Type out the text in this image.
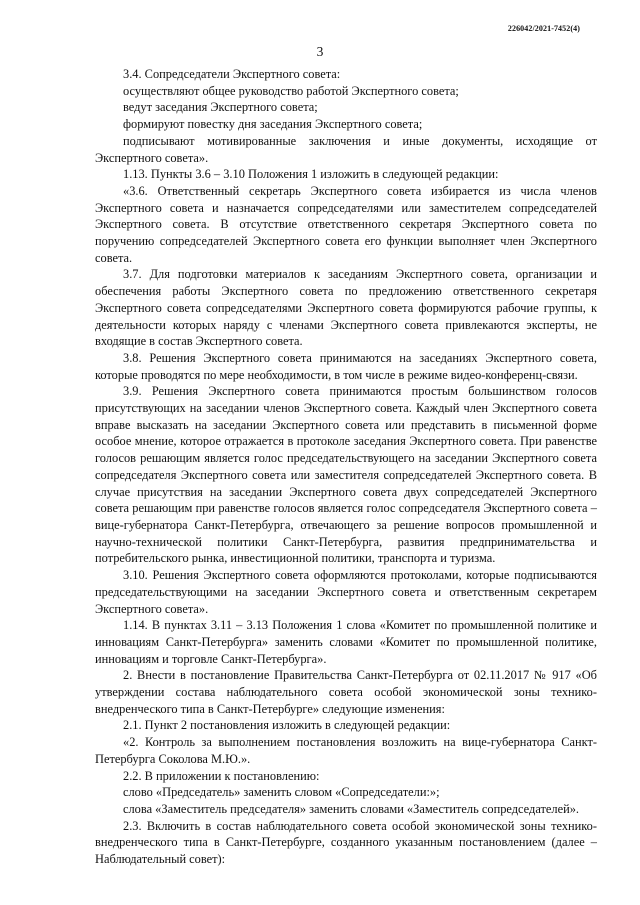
226042/2021-7452(4)
3

3.4. Сопредседатели Экспертного совета:

осуществляют общее руководство работой Экспертного совета;

ведут заседания Экспертного совета;

формируют повестку дня заседания Экспертного совета;

подписывают мотивированные заключения и иные документы, исходящие от Экспертного совета».

1.13. Пункты 3.6 – 3.10 Положения 1 изложить в следующей редакции:

«3.6. Ответственный секретарь Экспертного совета избирается из числа членов Экспертного совета и назначается сопредседателями или заместителем сопредседателей Экспертного совета. В отсутствие ответственного секретаря Экспертного совета по поручению сопредседателей Экспертного совета его функции выполняет член Экспертного совета.

3.7. Для подготовки материалов к заседаниям Экспертного совета, организации и обеспечения работы Экспертного совета по предложению ответственного секретаря Экспертного совета сопредседателями Экспертного совета формируются рабочие группы, к деятельности которых наряду с членами Экспертного совета привлекаются эксперты, не входящие в состав Экспертного совета.

3.8. Решения Экспертного совета принимаются на заседаниях Экспертного совета, которые проводятся по мере необходимости, в том числе в режиме видео-конференц-связи.

3.9. Решения Экспертного совета принимаются простым большинством голосов присутствующих на заседании членов Экспертного совета. Каждый член Экспертного совета вправе высказать на заседании Экспертного совета или представить в письменной форме особое мнение, которое отражается в протоколе заседания Экспертного совета. При равенстве голосов решающим является голос председательствующего на заседании Экспертного совета сопредседателя Экспертного совета или заместителя сопредседателей Экспертного совета. В случае присутствия на заседании Экспертного совета двух сопредседателей Экспертного совета решающим при равенстве голосов является голос сопредседателя Экспертного совета – вице-губернатора Санкт-Петербурга, отвечающего за решение вопросов промышленной и научно-технической политики Санкт-Петербурга, развития предпринимательства и потребительского рынка, инвестиционной политики, транспорта и туризма.

3.10. Решения Экспертного совета оформляются протоколами, которые подписываются председательствующими на заседании Экспертного совета и ответственным секретарем Экспертного совета».

1.14. В пунктах 3.11 – 3.13 Положения 1 слова «Комитет по промышленной политике и инновациям Санкт-Петербурга» заменить словами «Комитет по промышленной политике, инновациям и торговле Санкт-Петербурга».

2. Внести в постановление Правительства Санкт-Петербурга от 02.11.2017 № 917 «Об утверждении состава наблюдательного совета особой экономической зоны технико-внедренческого типа в Санкт-Петербурге» следующие изменения:

2.1. Пункт 2 постановления изложить в следующей редакции:

«2. Контроль за выполнением постановления возложить на вице-губернатора Санкт-Петербурга Соколова М.Ю.».

2.2. В приложении к постановлению:

слово «Председатель» заменить словом «Сопредседатели:»;

слова «Заместитель председателя» заменить словами «Заместитель сопредседателей».

2.3. Включить в состав наблюдательного совета особой экономической зоны технико-внедренческого типа в Санкт-Петербурге, созданного указанным постановлением (далее – Наблюдательный совет):
